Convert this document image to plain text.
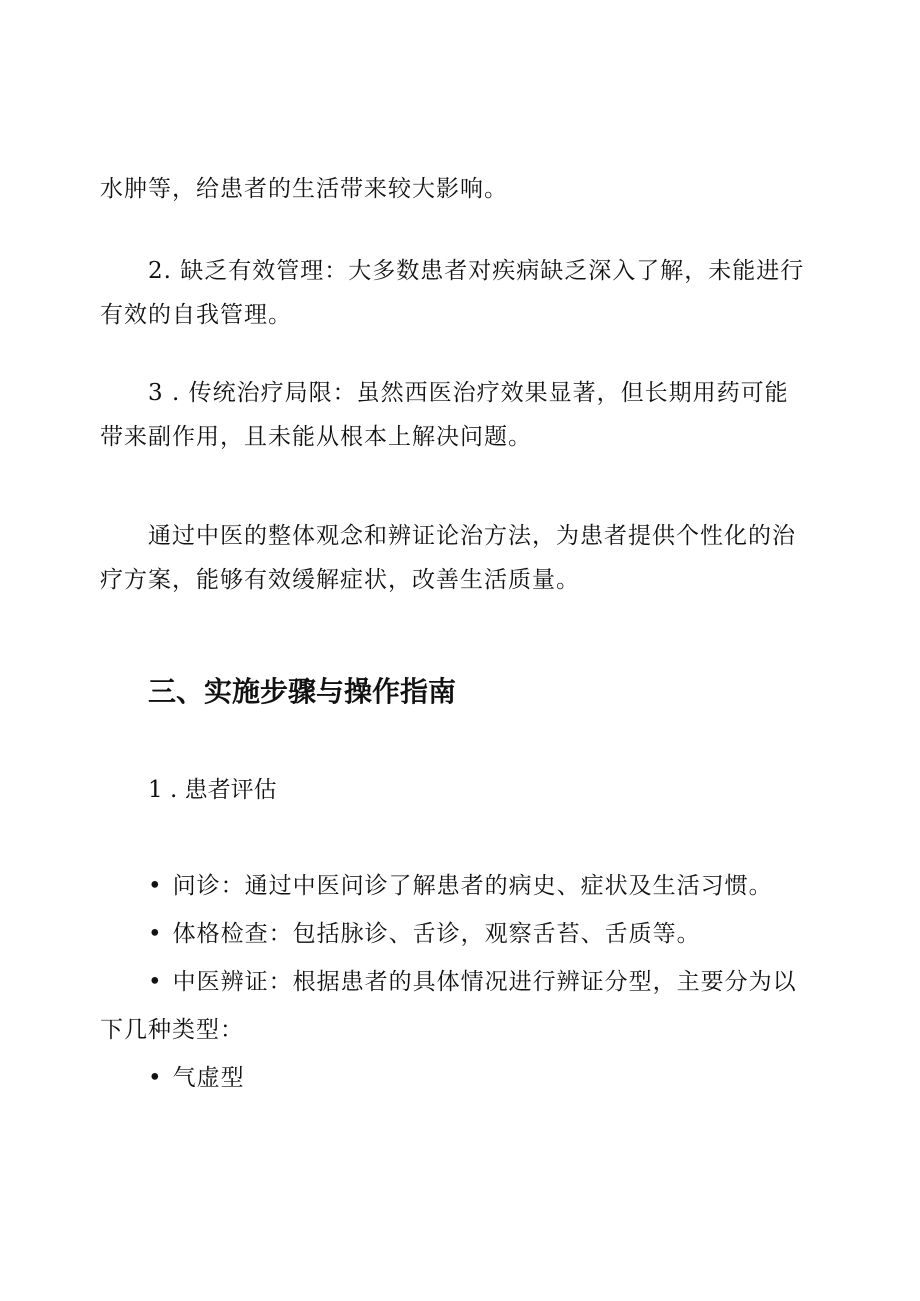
水肿等，给患者的生活带来较大影响。

2. 缺乏有效管理：大多数患者对疾病缺乏深入了解，未能进行有效的自我管理。

3 . 传统治疗局限：虽然西医治疗效果显著，但长期用药可能带来副作用，且未能从根本上解决问题。

通过中医的整体观念和辨证论治方法，为患者提供个性化的治疗方案，能够有效缓解症状，改善生活质量。

三、实施步骤与操作指南

1 . 患者评估

• 问诊：通过中医问诊了解患者的病史、症状及生活习惯。

• 体格检查：包括脉诊、舌诊，观察舌苔、舌质等。

• 中医辨证：根据患者的具体情况进行辨证分型，主要分为以下几种类型：

• 气虚型
